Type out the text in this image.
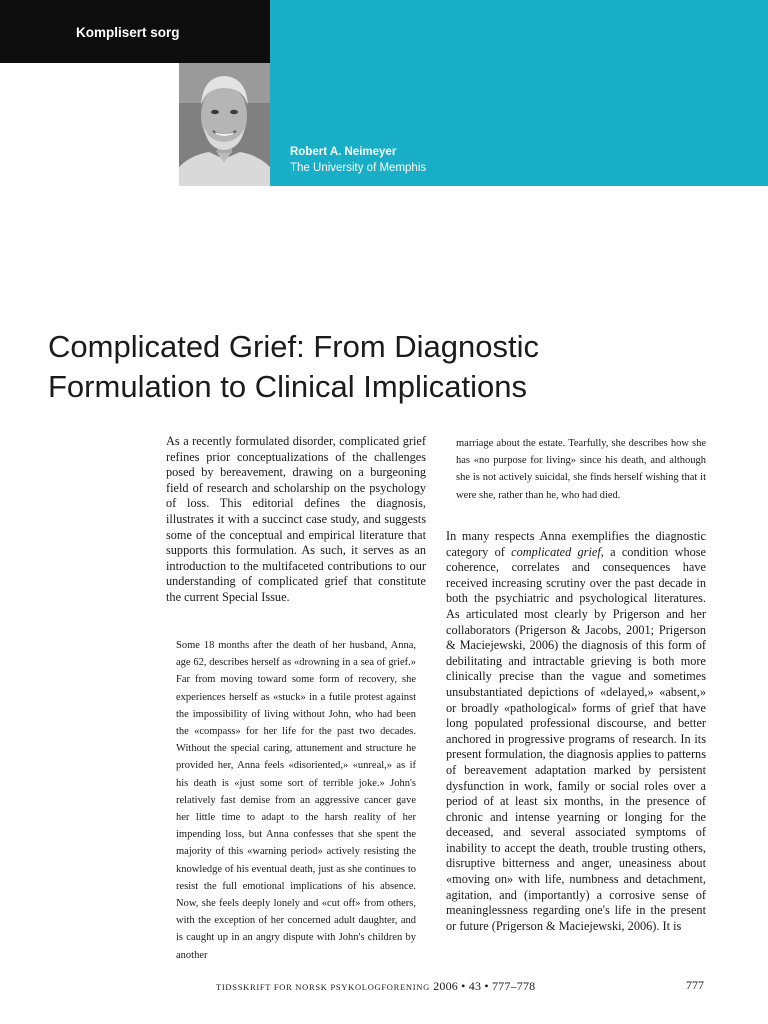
Komplisert sorg
Robert A. Neimeyer
The University of Memphis
Complicated Grief: From Diagnostic
Formulation to Clinical Implications

As a recently formulated disorder, complicated grief refines prior conceptualizations of the challenges posed by bereavement, drawing on a burgeoning field of research and scholarship on the psychology of loss. This editorial defines the diagnosis, illustrates it with a succinct case study, and suggests some of the conceptual and empirical literature that supports this formulation. As such, it serves as an introduction to the multifaceted contributions to our understanding of complicated grief that constitute the current Special Issue.

Some 18 months after the death of her husband, Anna, age 62, describes herself as «drowning in a sea of grief.» Far from moving toward some form of recovery, she experiences herself as «stuck» in a futile protest against the impossibility of living without John, who had been the «compass» for her life for the past two decades. Without the special caring, attunement and structure he provided her, Anna feels «disoriented,» «unreal,» as if his death is «just some sort of terrible joke.» John's relatively fast demise from an aggressive cancer gave her little time to adapt to the harsh reality of her impending loss, but Anna confesses that she spent the majority of this «warning period» actively resisting the knowledge of his eventual death, just as she continues to resist the full emotional implications of his absence. Now, she feels deeply lonely and «cut off» from others, with the exception of her concerned adult daughter, and is caught up in an angry dispute with John's children by another

marriage about the estate. Tearfully, she describes how she has «no purpose for living» since his death, and although she is not actively suicidal, she finds herself wishing that it were she, rather than he, who had died.

In many respects Anna exemplifies the diagnostic category of complicated grief, a condition whose coherence, correlates and consequences have received increasing scrutiny over the past decade in both the psychiatric and psychological literatures. As articulated most clearly by Prigerson and her collaborators (Prigerson & Jacobs, 2001; Prigerson & Maciejewski, 2006) the diagnosis of this form of debilitating and intractable grieving is both more clinically precise than the vague and sometimes unsubstantiated depictions of «delayed,» «absent,» or broadly «pathological» forms of grief that have long populated professional discourse, and better anchored in progressive programs of research. In its present formulation, the diagnosis applies to patterns of bereavement adaptation marked by persistent dysfunction in work, family or social roles over a period of at least six months, in the presence of chronic and intense yearning or longing for the deceased, and several associated symptoms of inability to accept the death, trouble trusting others, disruptive bitterness and anger, uneasiness about «moving on» with life, numbness and detachment, agitation, and (importantly) a corrosive sense of meaninglessness regarding one's life in the present or future (Prigerson & Maciejewski, 2006). It is

TIDSSKRIFT FOR NORSK PSYKOLOGFORENING 2006 • 43 • 777–778	777
